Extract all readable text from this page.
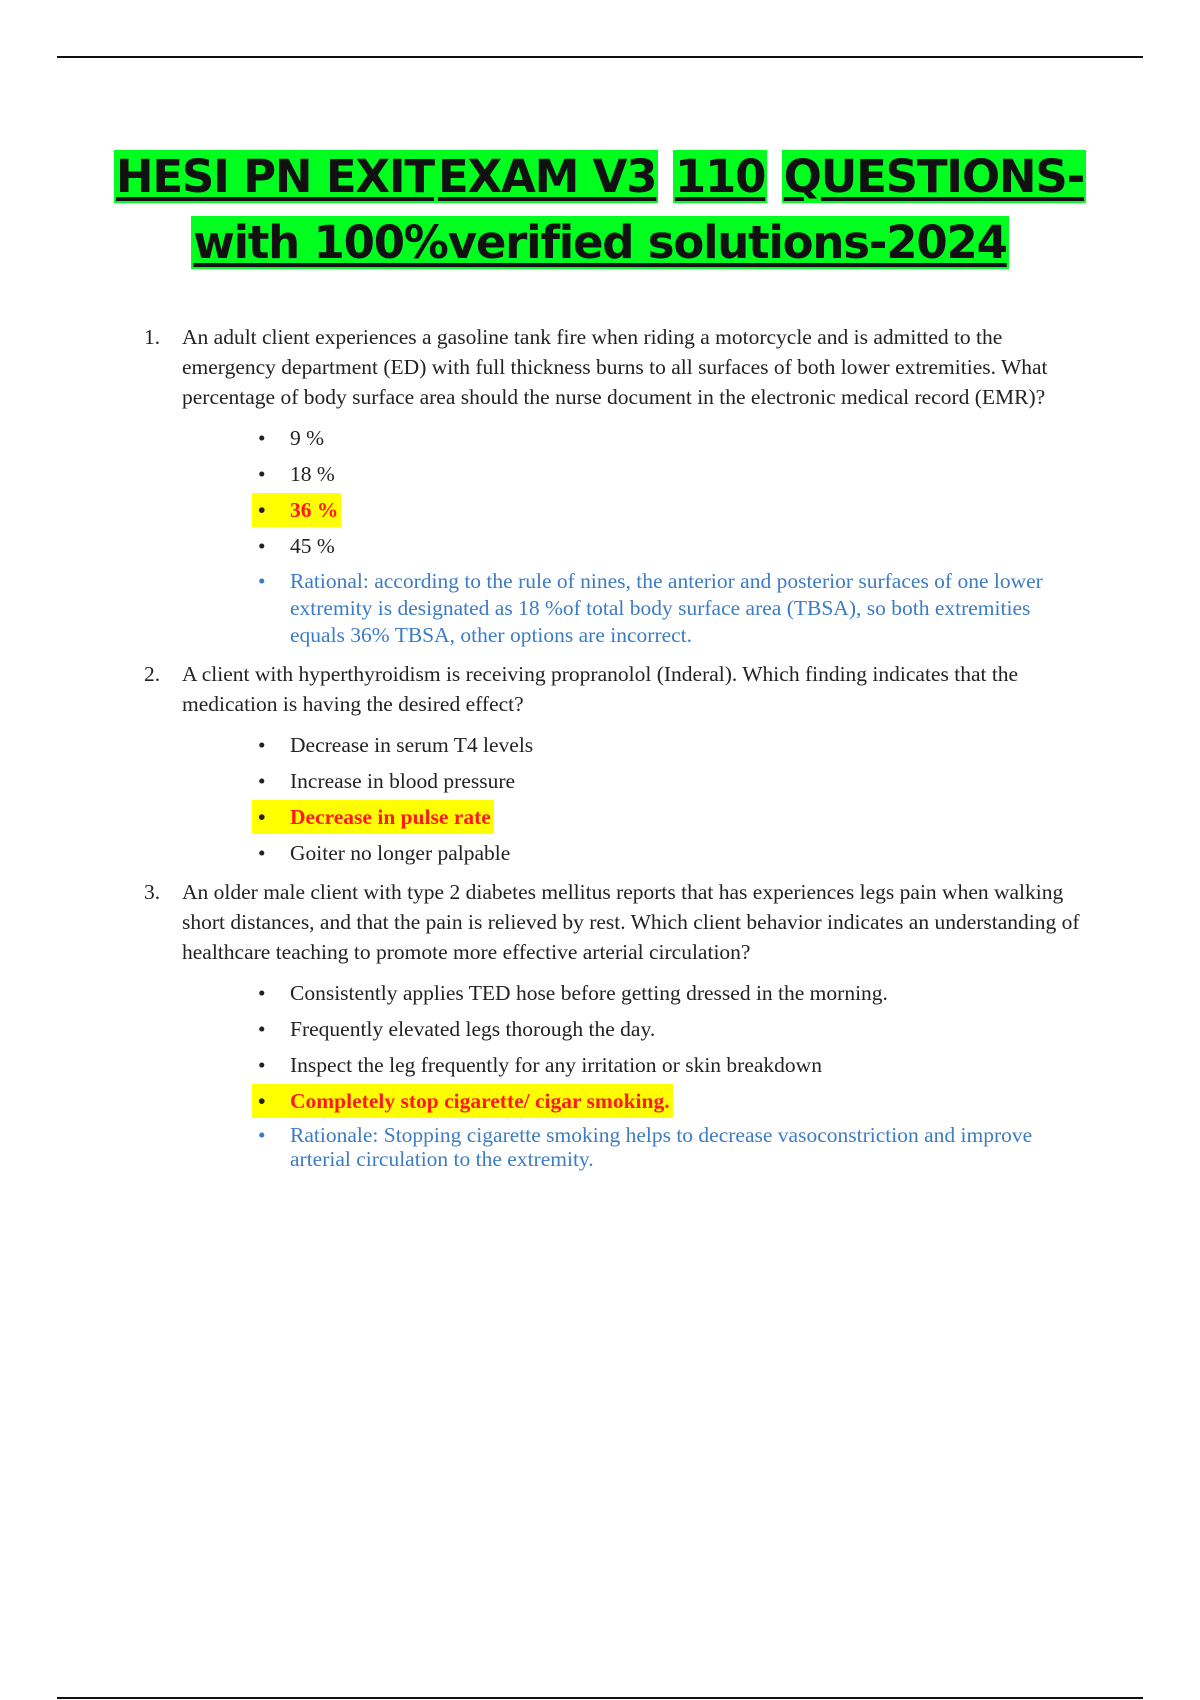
HESI PN EXITEXAM V3 110 QUESTIONS-
with 100%verified solutions-2024
1. An adult client experiences a gasoline tank fire when riding a motorcycle and is admitted to the emergency department (ED) with full thickness burns to all surfaces of both lower extremities. What percentage of body surface area should the nurse document in the electronic medical record (EMR)?
• 9 %
• 18 %
• 36 %
• 45 %
• Rational: according to the rule of nines, the anterior and posterior surfaces of one lower extremity is designated as 18 %of total body surface area (TBSA), so both extremities equals 36% TBSA, other options are incorrect.
2. A client with hyperthyroidism is receiving propranolol (Inderal). Which finding indicates that the medication is having the desired effect?
• Decrease in serum T4 levels
• Increase in blood pressure
• Decrease in pulse rate
• Goiter no longer palpable
3. An older male client with type 2 diabetes mellitus reports that has experiences legs pain when walking short distances, and that the pain is relieved by rest. Which client behavior indicates an understanding of healthcare teaching to promote more effective arterial circulation?
• Consistently applies TED hose before getting dressed in the morning.
• Frequently elevated legs thorough the day.
• Inspect the leg frequently for any irritation or skin breakdown
• Completely stop cigarette/ cigar smoking.
• Rationale: Stopping cigarette smoking helps to decrease vasoconstriction and improve arterial circulation to the extremity.
